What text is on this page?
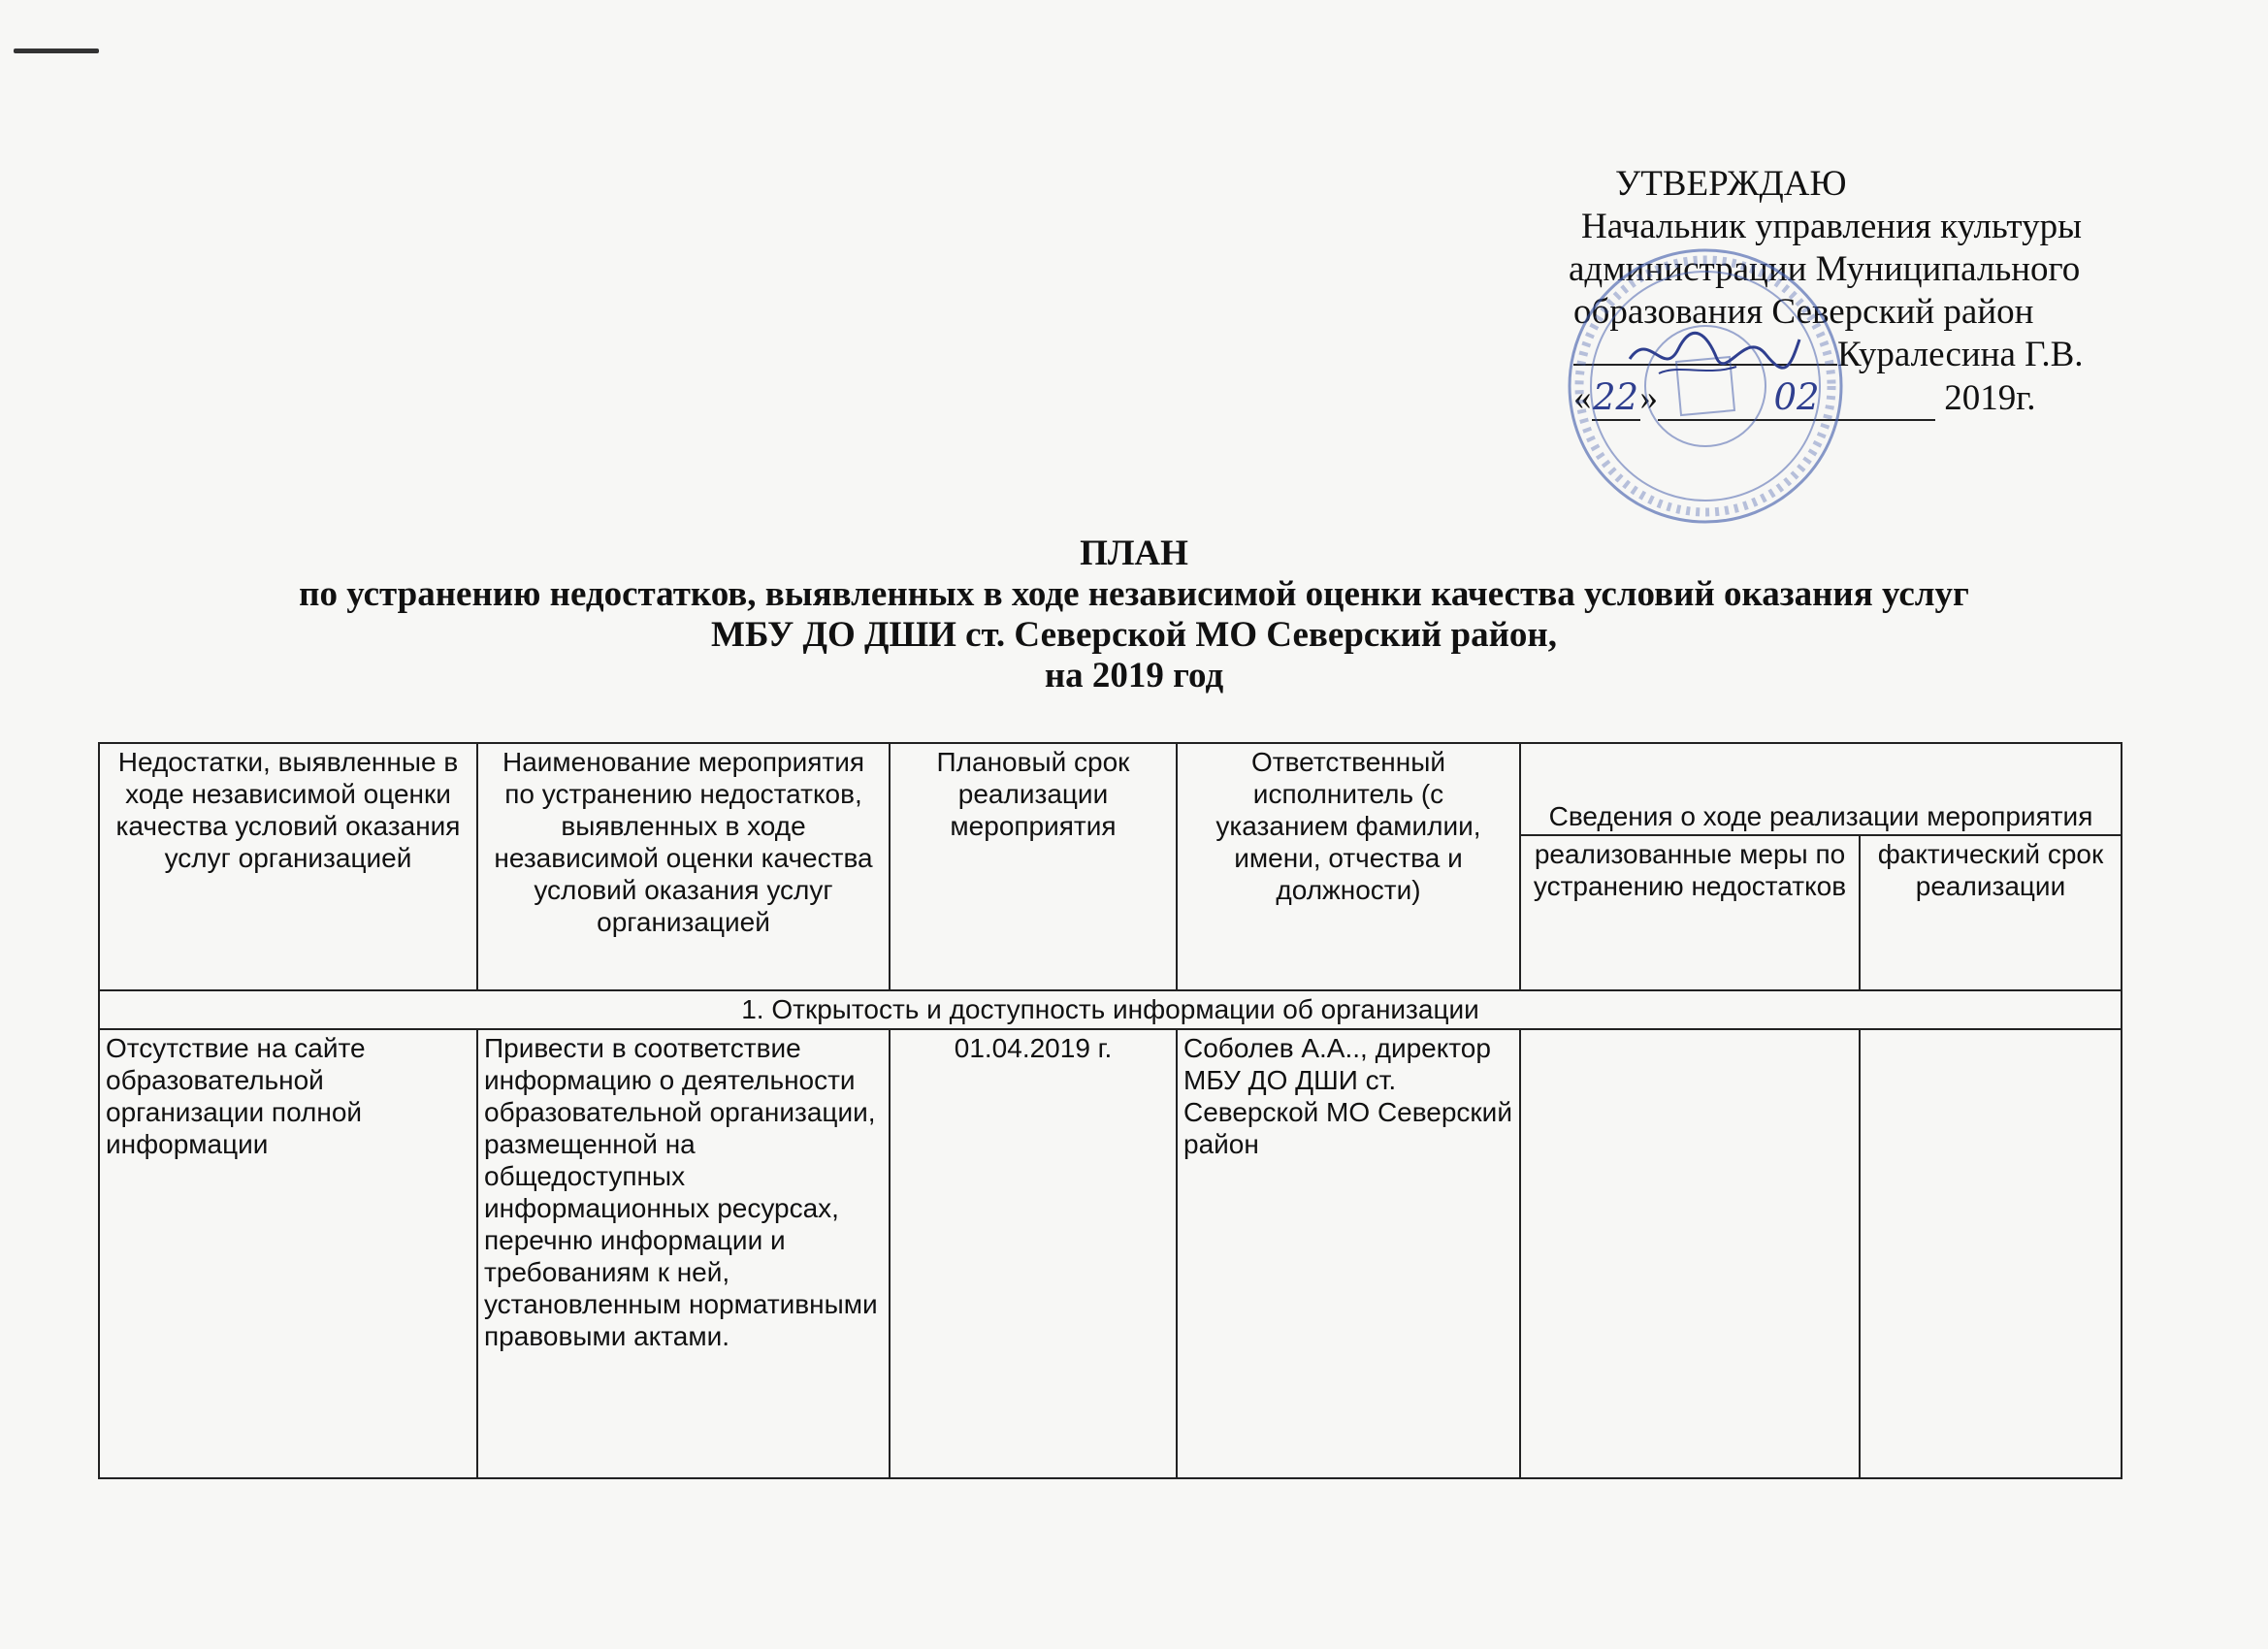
УТВЕРЖДАЮ
Начальник управления культуры
администрации Муниципального
образования Северский район
Куралесина Г.В.
«22»	02	2019г.
ПЛАН
по устранению недостатков, выявленных в ходе независимой оценки качества условий оказания услуг
МБУ ДО ДШИ ст. Северской МО Северский район,
на 2019 год
Недостатки, выявленные в ходе независимой оценки качества условий оказания услуг организацией	Наименование мероприятия по устранению недостатков, выявленных в ходе независимой оценки качества условий оказания услуг организацией	Плановый срок реализации мероприятия	Ответственный исполнитель (с указанием фамилии, имени, отчества и должности)	Сведения о ходе реализации мероприятия	
				реализованные меры по устранению недостатков	фактический срок реализации
1. Открытость и доступность информации об организации					
Отсутствие на сайте образовательной организации полной информации	Привести в соответствие информацию о деятельности образовательной организации, размещенной на общедоступных информационных ресурсах, перечню информации и требованиям к ней, установленным нормативными правовыми актами.	01.04.2019 г.	Соболев А.А.., директор МБУ ДО ДШИ ст. Северской МО Северский район		
